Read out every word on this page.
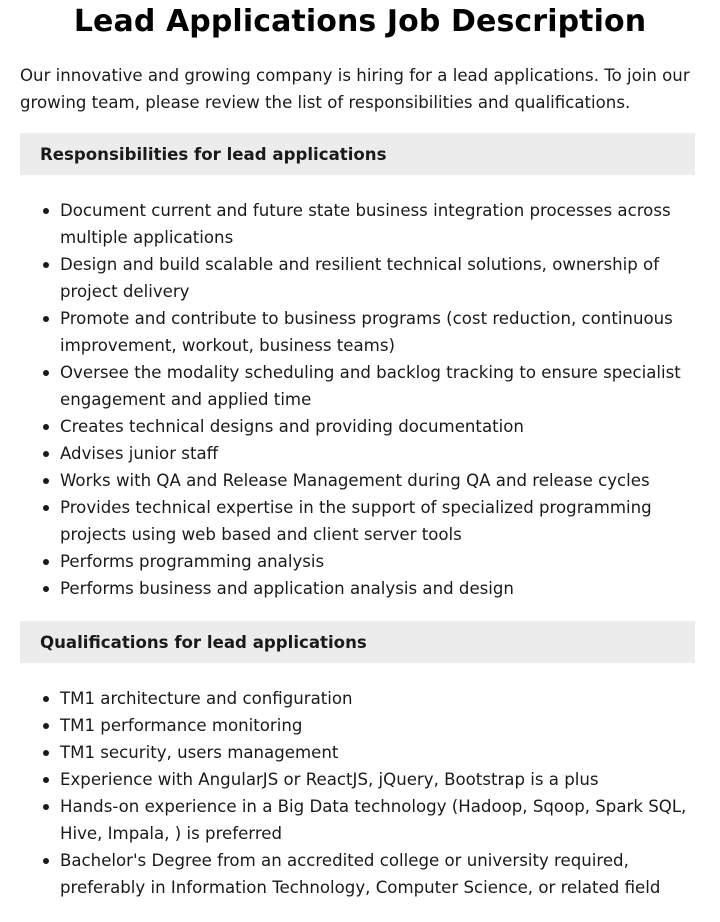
Lead Applications Job Description

Our innovative and growing company is hiring for a lead applications. To join our growing team, please review the list of responsibilities and qualifications.

Responsibilities for lead applications
Document current and future state business integration processes across multiple applications
Design and build scalable and resilient technical solutions, ownership of project delivery
Promote and contribute to business programs (cost reduction, continuous improvement, workout, business teams)
Oversee the modality scheduling and backlog tracking to ensure specialist engagement and applied time
Creates technical designs and providing documentation
Advises junior staff
Works with QA and Release Management during QA and release cycles
Provides technical expertise in the support of specialized programming projects using web based and client server tools
Performs programming analysis
Performs business and application analysis and design
Qualifications for lead applications
TM1 architecture and configuration
TM1 performance monitoring
TM1 security, users management
Experience with AngularJS or ReactJS, jQuery, Bootstrap is a plus
Hands-on experience in a Big Data technology (Hadoop, Sqoop, Spark SQL, Hive, Impala, ) is preferred
Bachelor's Degree from an accredited college or university required, preferably in Information Technology, Computer Science, or related field
